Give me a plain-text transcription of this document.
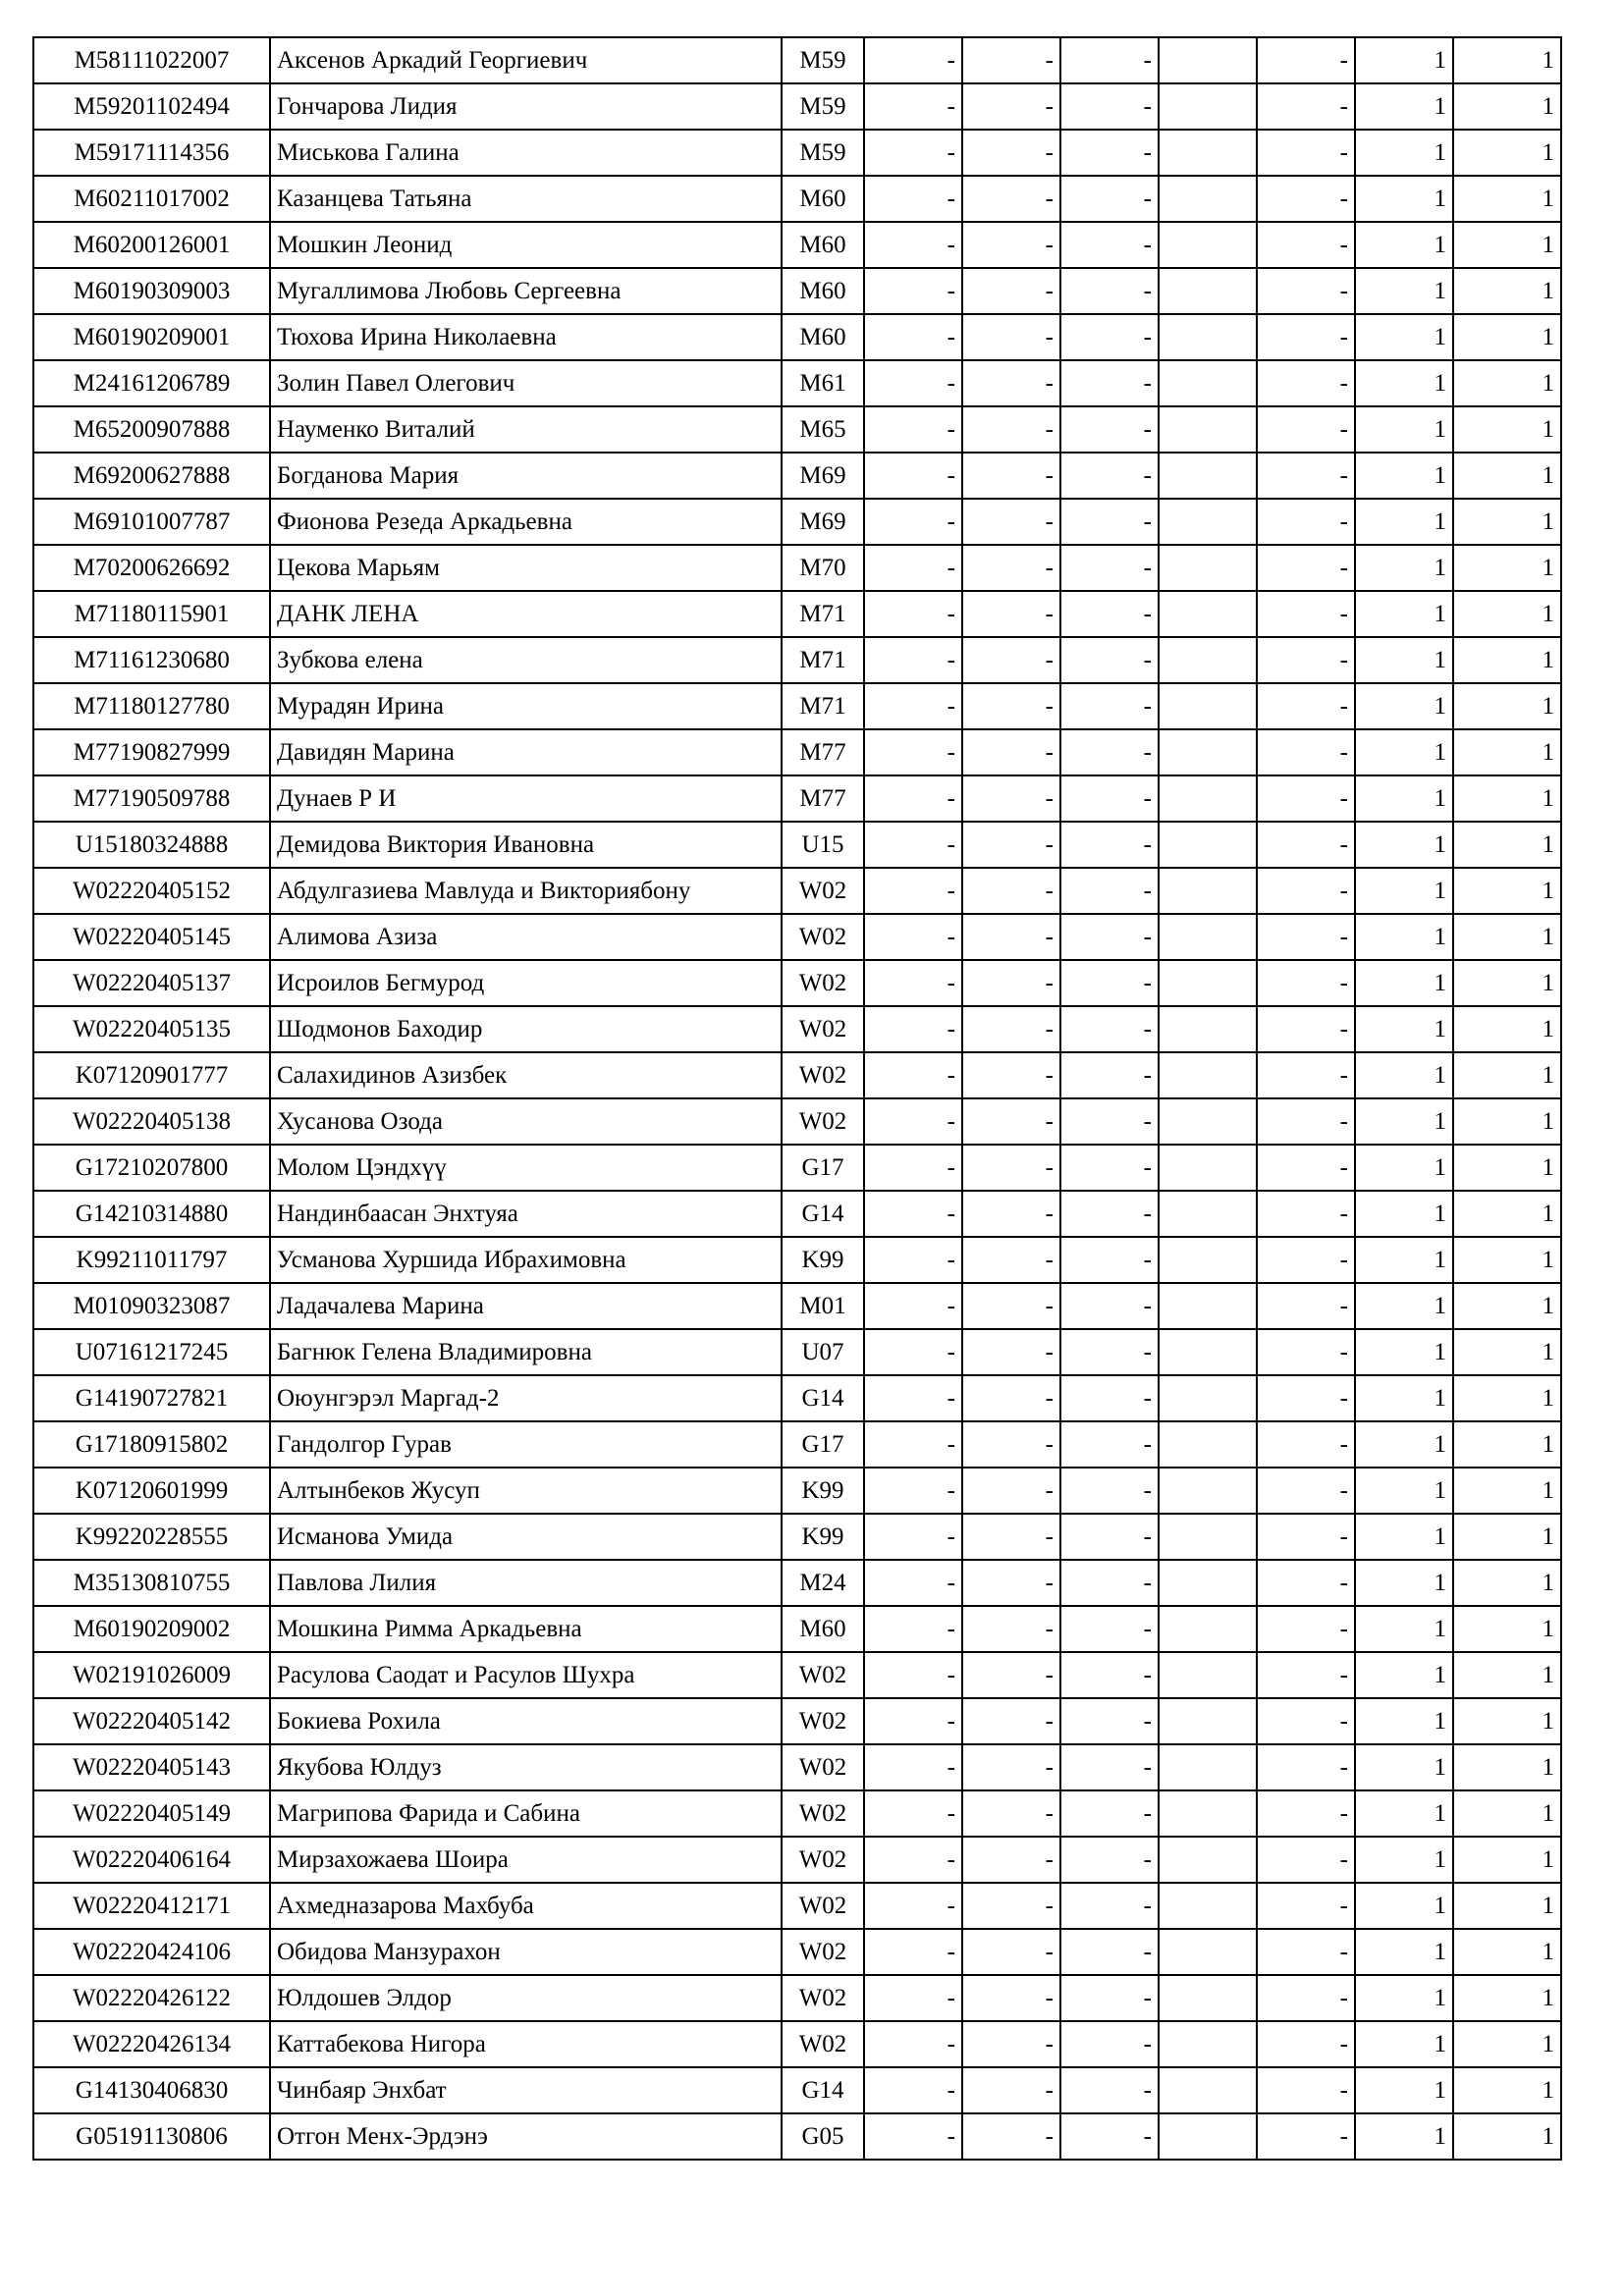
M58111022007	Аксенов Аркадий Георгиевич	M59	-	-	-		-	1	1
M59201102494	Гончарова Лидия	M59	-	-	-		-	1	1
M59171114356	Миськова Галина	M59	-	-	-		-	1	1
M60211017002	Казанцева Татьяна	M60	-	-	-		-	1	1
M60200126001	Мошкин Леонид	M60	-	-	-		-	1	1
M60190309003	Мугаллимова Любовь Сергеевна	M60	-	-	-		-	1	1
M60190209001	Тюхова Ирина Николаевна	M60	-	-	-		-	1	1
M24161206789	Золин Павел Олегович	M61	-	-	-		-	1	1
M65200907888	Науменко Виталий	M65	-	-	-		-	1	1
M69200627888	Богданова Мария	M69	-	-	-		-	1	1
M69101007787	Фионова Резеда Аркадьевна	M69	-	-	-		-	1	1
M70200626692	Цекова Марьям	M70	-	-	-		-	1	1
M71180115901	ДАНК ЛЕНА	M71	-	-	-		-	1	1
M71161230680	Зубкова елена	M71	-	-	-		-	1	1
M71180127780	Мурадян Ирина	M71	-	-	-		-	1	1
M77190827999	Давидян Марина	M77	-	-	-		-	1	1
M77190509788	Дунаев Р И	M77	-	-	-		-	1	1
U15180324888	Демидова Виктория Ивановна	U15	-	-	-		-	1	1
W02220405152	Абдулгазиева Мавлуда и Викториябону	W02	-	-	-		-	1	1
W02220405145	Алимова Азиза	W02	-	-	-		-	1	1
W02220405137	Исроилов Бегмурод	W02	-	-	-		-	1	1
W02220405135	Шодмонов Баходир	W02	-	-	-		-	1	1
K07120901777	Салахидинов Азизбек	W02	-	-	-		-	1	1
W02220405138	Хусанова Озода	W02	-	-	-		-	1	1
G17210207800	Молом Цэндхүү	G17	-	-	-		-	1	1
G14210314880	Нандинбаасан Энхтуяа	G14	-	-	-		-	1	1
K99211011797	Усманова Хуршида Ибрахимовна	K99	-	-	-		-	1	1
M01090323087	Ладачалева Марина	M01	-	-	-		-	1	1
U07161217245	Багнюк Гелена Владимировна	U07	-	-	-		-	1	1
G14190727821	Оюунгэрэл Маргад-2	G14	-	-	-		-	1	1
G17180915802	Гандолгор Гурав	G17	-	-	-		-	1	1
K07120601999	Алтынбеков Жусуп	K99	-	-	-		-	1	1
K99220228555	Исманова Умида	K99	-	-	-		-	1	1
M35130810755	Павлова Лилия	M24	-	-	-		-	1	1
M60190209002	Мошкина Римма Аркадьевна	M60	-	-	-		-	1	1
W02191026009	Расулова Саодат и Расулов Шухра	W02	-	-	-		-	1	1
W02220405142	Бокиева Рохила	W02	-	-	-		-	1	1
W02220405143	Якубова Юлдуз	W02	-	-	-		-	1	1
W02220405149	Магрипова Фарида и Сабина	W02	-	-	-		-	1	1
W02220406164	Мирзахожаева Шоира	W02	-	-	-		-	1	1
W02220412171	Ахмедназарова Махбуба	W02	-	-	-		-	1	1
W02220424106	Обидова Манзурахон	W02	-	-	-		-	1	1
W02220426122	Юлдошев Элдор	W02	-	-	-		-	1	1
W02220426134	Каттабекова Нигора	W02	-	-	-		-	1	1
G14130406830	Чинбаяр Энхбат	G14	-	-	-		-	1	1
G05191130806	Отгон Менх-Эрдэнэ	G05	-	-	-		-	1	1
